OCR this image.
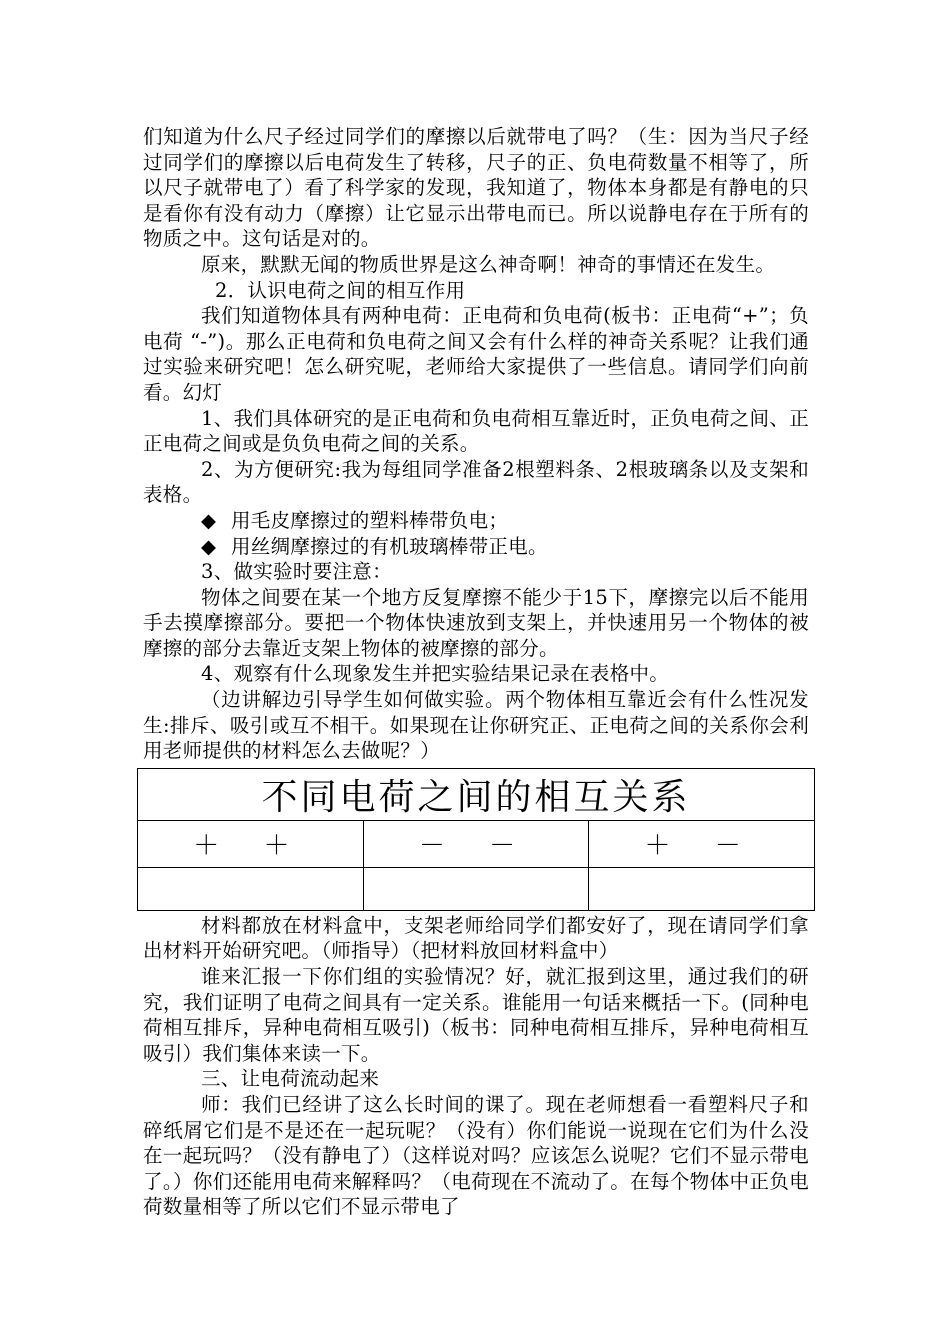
们知道为什么尺子经过同学们的摩擦以后就带电了吗？（生：因为当尺子经过同学们的摩擦以后电荷发生了转移，尺子的正、负电荷数量不相等了，所以尺子就带电了）看了科学家的发现，我知道了，物体本身都是有静电的只是看你有没有动力（摩擦）让它显示出带电而已。所以说静电存在于所有的物质之中。这句话是对的。

原来，默默无闻的物质世界是这么神奇啊！神奇的事情还在发生。

2．认识电荷之间的相互作用

我们知道物体具有两种电荷：正电荷和负电荷(板书：正电荷“+”；负电荷 “-”)。那么正电荷和负电荷之间又会有什么样的神奇关系呢？让我们通过实验来研究吧！怎么研究呢，老师给大家提供了一些信息。请同学们向前看。幻灯

1、我们具体研究的是正电荷和负电荷相互靠近时，正负电荷之间、正正电荷之间或是负负电荷之间的关系。

2、为方便研究:我为每组同学准备2根塑料条、2根玻璃条以及支架和表格。

◆ 用毛皮摩擦过的塑料棒带负电；

◆ 用丝绸摩擦过的有机玻璃棒带正电。

3、做实验时要注意：

物体之间要在某一个地方反复摩擦不能少于15下，摩擦完以后不能用手去摸摩擦部分。要把一个物体快速放到支架上，并快速用另一个物体的被摩擦的部分去靠近支架上物体的被摩擦的部分。

4、观察有什么现象发生并把实验结果记录在表格中。

（边讲解边引导学生如何做实验。两个物体相互靠近会有什么性况发生:排斥、吸引或互不相干。如果现在让你研究正、正电荷之间的关系你会利用老师提供的材料怎么去做呢？）

不同电荷之间的相互关系		
＋ ＋	－ －	＋ －

材料都放在材料盒中，支架老师给同学们都安好了，现在请同学们拿出材料开始研究吧。（师指导）（把材料放回材料盒中）

谁来汇报一下你们组的实验情况？好，就汇报到这里，通过我们的研究，我们证明了电荷之间具有一定关系。谁能用一句话来概括一下。(同种电荷相互排斥，异种电荷相互吸引)（板书：同种电荷相互排斥，异种电荷相互吸引）我们集体来读一下。

三、让电荷流动起来

师：我们已经讲了这么长时间的课了。现在老师想看一看塑料尺子和碎纸屑它们是不是还在一起玩呢？（没有）你们能说一说现在它们为什么没在一起玩吗？（没有静电了）（这样说对吗？应该怎么说呢？它们不显示带电了。）你们还能用电荷来解释吗？（电荷现在不流动了。在每个物体中正负电荷数量相等了所以它们不显示带电了
